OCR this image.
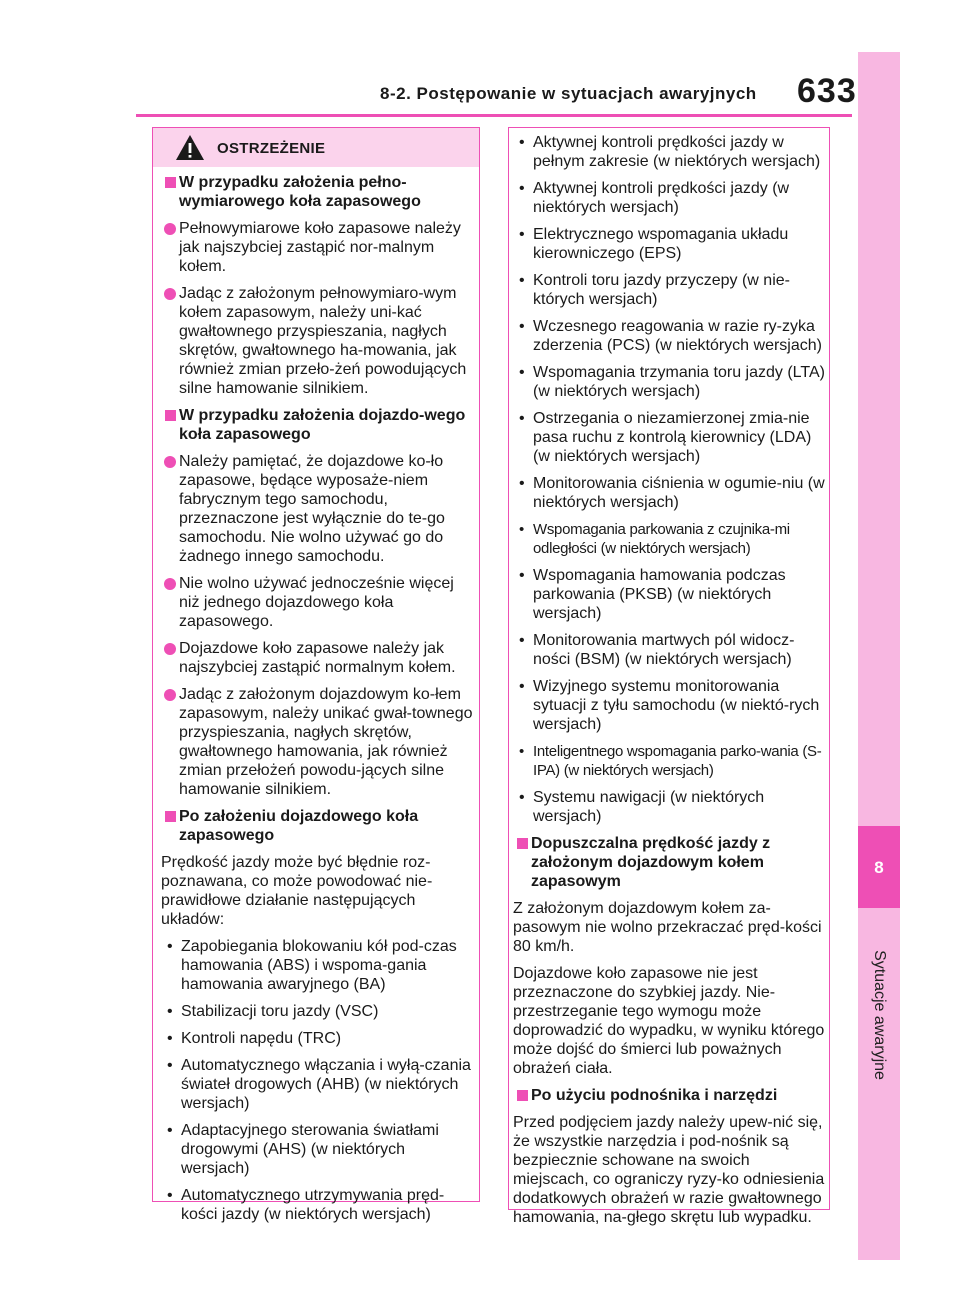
8-2. Postępowanie w sytuacjach awaryjnych 633
8
Sytuacje awaryjne
OSTRZEŻENIE

W przypadku założenia pełno-wymiarowego koła zapasowego

Pełnowymiarowe koło zapasowe należy jak najszybciej zastąpić nor-malnym kołem.

Jadąc z założonym pełnowymiaro-wym kołem zapasowym, należy uni-kać gwałtownego przyspieszania, nagłych skrętów, gwałtownego ha-mowania, jak również zmian przeło-żeń powodujących silne hamowanie silnikiem.

W przypadku założenia dojazdo-wego koła zapasowego

Należy pamiętać, że dojazdowe ko-ło zapasowe, będące wyposaże-niem fabrycznym tego samochodu, przeznaczone jest wyłącznie do te-go samochodu. Nie wolno używać go do żadnego innego samochodu.

Nie wolno używać jednocześnie więcej niż jednego dojazdowego koła zapasowego.

Dojazdowe koło zapasowe należy jak najszybciej zastąpić normalnym kołem.

Jadąc z założonym dojazdowym ko-łem zapasowym, należy unikać gwał-townego przyspieszania, nagłych skrętów, gwałtownego hamowania, jak również zmian przełożeń powodu-jących silne hamowanie silnikiem.

Po założeniu dojazdowego koła zapasowego

Prędkość jazdy może być błędnie roz-poznawana, co może powodować nie-prawidłowe działanie następujących układów:

• Zapobiegania blokowaniu kół pod-czas hamowania (ABS) i wspoma-gania hamowania awaryjnego (BA)

• Stabilizacji toru jazdy (VSC)

• Kontroli napędu (TRC)

• Automatycznego włączania i wyłą-czania świateł drogowych (AHB) (w niektórych wersjach)

• Adaptacyjnego sterowania światłami drogowymi (AHS) (w niektórych wersjach)

• Automatycznego utrzymywania pręd-kości jazdy (w niektórych wersjach)

• Aktywnej kontroli prędkości jazdy w pełnym zakresie (w niektórych wersjach)

• Aktywnej kontroli prędkości jazdy (w niektórych wersjach)

• Elektrycznego wspomagania układu kierowniczego (EPS)

• Kontroli toru jazdy przyczepy (w nie-których wersjach)

• Wczesnego reagowania w razie ry-zyka zderzenia (PCS) (w niektórych wersjach)

• Wspomagania trzymania toru jazdy (LTA) (w niektórych wersjach)

• Ostrzegania o niezamierzonej zmia-nie pasa ruchu z kontrolą kierownicy (LDA) (w niektórych wersjach)

• Monitorowania ciśnienia w ogumie-niu (w niektórych wersjach)

• Wspomagania parkowania z czujnika-mi odległości (w niektórych wersjach)

• Wspomagania hamowania podczas parkowania (PKSB) (w niektórych wersjach)

• Monitorowania martwych pól widocz-ności (BSM) (w niektórych wersjach)

• Wizyjnego systemu monitorowania sytuacji z tyłu samochodu (w niektó-rych wersjach)

• Inteligentnego wspomagania parko-wania (S-IPA) (w niektórych wersjach)

• Systemu nawigacji (w niektórych wersjach)

Dopuszczalna prędkość jazdy z założonym dojazdowym kołem zapasowym

Z założonym dojazdowym kołem za-pasowym nie wolno przekraczać pręd-kości 80 km/h.

Dojazdowe koło zapasowe nie jest przeznaczone do szybkiej jazdy. Nie-przestrzeganie tego wymogu może doprowadzić do wypadku, w wyniku którego może dojść do śmierci lub poważnych obrażeń ciała.

Po użyciu podnośnika i narzędzi

Przed podjęciem jazdy należy upew-nić się, że wszystkie narzędzia i pod-nośnik są bezpiecznie schowane na swoich miejscach, co ograniczy ryzy-ko odniesienia dodatkowych obrażeń w razie gwałtownego hamowania, na-głego skrętu lub wypadku.
